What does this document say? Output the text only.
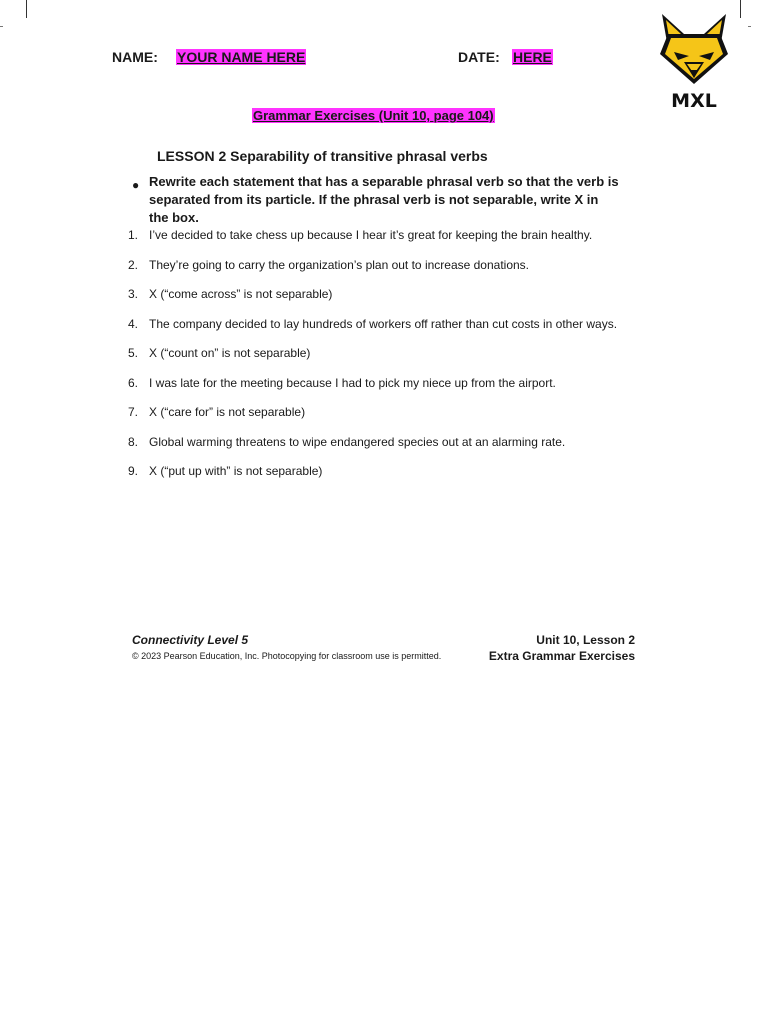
NAME: YOUR NAME HERE	DATE: HERE
MXL
Grammar Exercises (Unit 10, page 104)
LESSON 2 Separability of transitive phrasal verbs
● Rewrite each statement that has a separable phrasal verb so that the verb is separated from its particle. If the phrasal verb is not separable, write X in the box.
1. I’ve decided to take chess up because I hear it’s great for keeping the brain healthy.
2. They’re going to carry the organization’s plan out to increase donations.
3. X (“come across” is not separable)
4. The company decided to lay hundreds of workers off rather than cut costs in other ways.
5. X (“count on” is not separable)
6. I was late for the meeting because I had to pick my niece up from the airport.
7. X (“care for” is not separable)
8. Global warming threatens to wipe endangered species out at an alarming rate.
9. X (“put up with” is not separable)
Connectivity Level 5
© 2023 Pearson Education, Inc. Photocopying for classroom use is permitted.
Unit 10, Lesson 2
Extra Grammar Exercises
